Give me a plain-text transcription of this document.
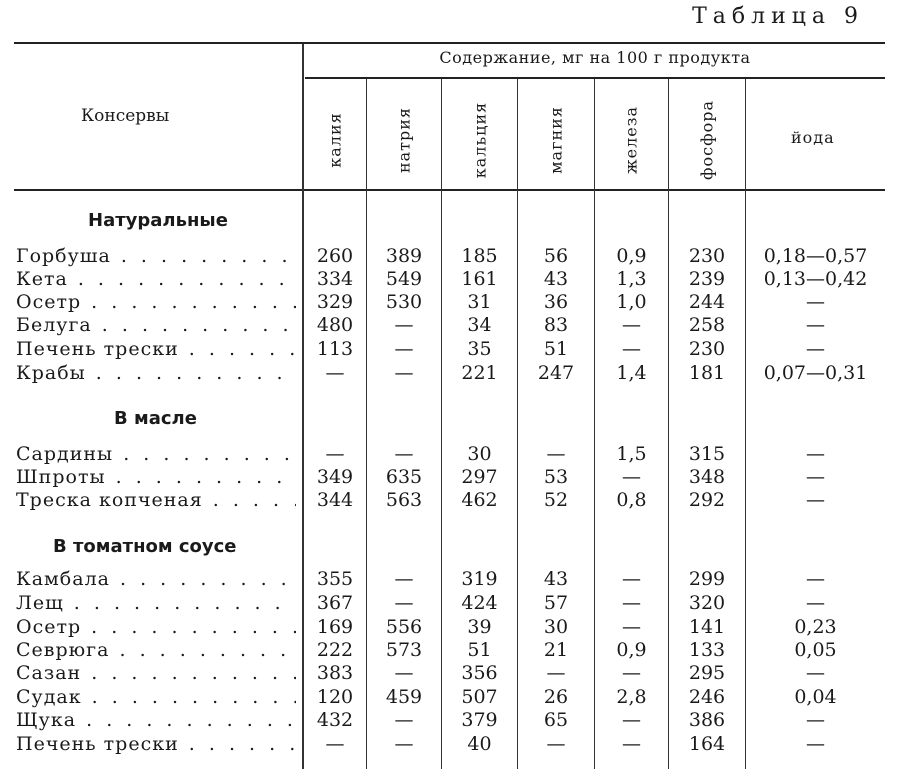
Таблица 9
Консервы
Содержание, мг на 100 г продукта
калия	натрия	кальция	магния	железа	фосфора	йода
Натуральные
В масле
В томатном соусе
Горбуша . . .	260	389	185	56	0,9	230	0,18—0,57
Кета . . .	334	549	161	43	1,3	239	0,13—0,42
Осетр . . .	329	530	31	36	1,0	244	—
Белуга . . .	480	—	34	83	—	258	—
Печень трески . . .	113	—	35	51	—	230	—
Крабы . . .	—	—	221	247	1,4	181	0,07—0,31
Сардины . . .	—	—	30	—	1,5	315	—
Шпроты . . .	349	635	297	53	—	348	—
Треска копченая . . .	344	563	462	52	0,8	292	—
Камбала . . .	355	—	319	43	—	299	—
Лещ . . .	367	—	424	57	—	320	—
Осетр . . .	169	556	39	30	—	141	0,23
Севрюга . . .	222	573	51	21	0,9	133	0,05
Сазан . . .	383	—	356	—	—	295	—
Судак . . .	120	459	507	26	2,8	246	0,04
Щука . . .	432	—	379	65	—	386	—
Печень трески . . .	—	—	40	—	—	164	—
